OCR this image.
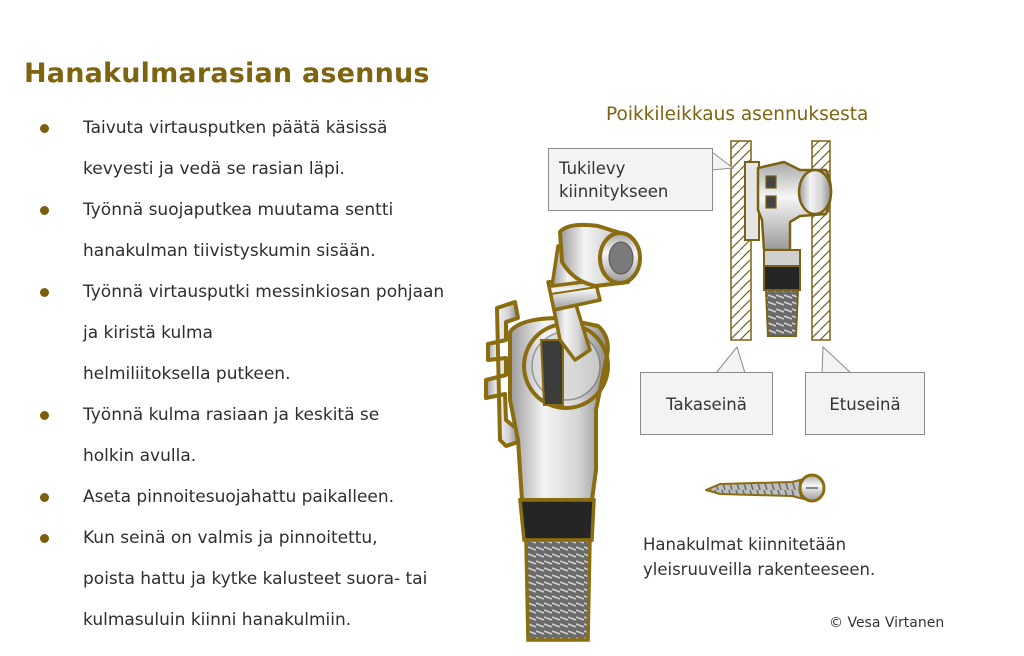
Hanakulmarasian asennus
Taivuta virtausputken päätä käsissä
kevyesti ja vedä se rasian läpi.
Työnnä suojaputkea muutama sentti
hanakulman tiivistyskumin sisään.
Työnnä virtausputki messinkiosan pohjaan
ja kiristä kulma
helmiliitoksella putkeen.
Työnnä kulma rasiaan ja keskitä se
holkin avulla.
Aseta pinnoitesuojahattu paikalleen.
Kun seinä on valmis ja pinnoitettu,
poista hattu ja kytke kalusteet suora- tai
kulmasuluin kiinni hanakulmiin.
Poikkileikkaus asennuksesta
Tukilevy
kiinnitykseen
Takaseinä	Etuseinä
Hanakulmat kiinnitetään
yleisruuveilla rakenteeseen.
© Vesa Virtanen
